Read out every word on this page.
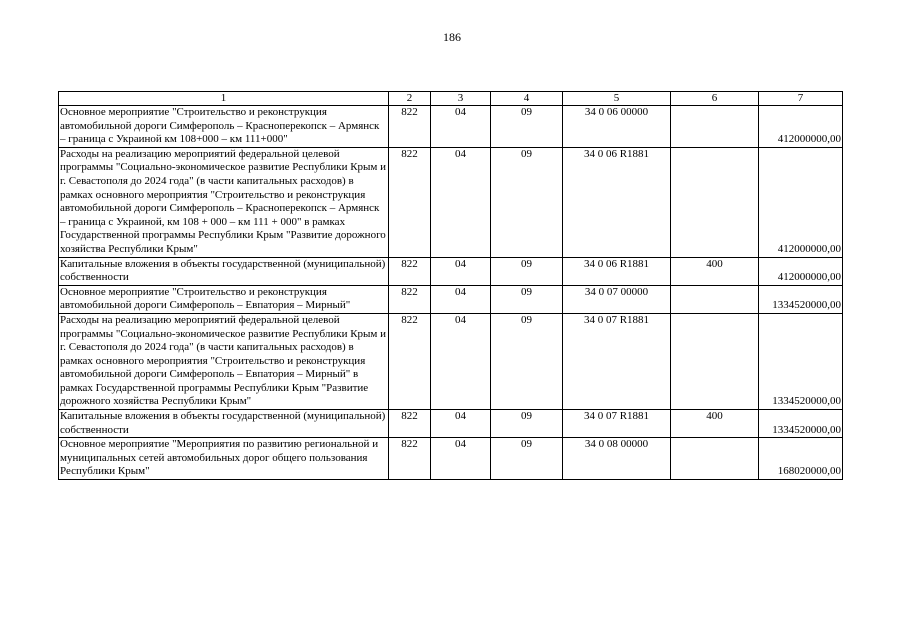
186
1	2	3	4	5	6	7
Основное мероприятие "Строительство и реконструкция автомобильной дороги Симферополь – Красноперекопск – Армянск – граница с Украиной км 108+000 – км 111+000"	822	04	09	34 0 06 00000		412000000,00
Расходы на реализацию мероприятий федеральной целевой программы "Социально-экономическое развитие Республики Крым и г. Севастополя до 2024 года" (в части капитальных расходов) в рамках основного мероприятия "Строительство и реконструкция автомобильной дороги Симферополь – Красноперекопск – Армянск – граница с Украиной, км 108 + 000 – км 111 + 000" в рамках Государственной программы Республики Крым "Развитие дорожного хозяйства Республики Крым"	822	04	09	34 0 06 R1881		412000000,00
Капитальные вложения в объекты государственной (муниципальной) собственности	822	04	09	34 0 06 R1881	400	412000000,00
Основное мероприятие "Строительство и реконструкция автомобильной дороги Симферополь – Евпатория – Мирный"	822	04	09	34 0 07 00000		1334520000,00
Расходы на реализацию мероприятий федеральной целевой программы "Социально-экономическое развитие Республики Крым и г. Севастополя до 2024 года" (в части капитальных расходов) в рамках основного мероприятия "Строительство и реконструкция автомобильной дороги Симферополь – Евпатория – Мирный" в рамках Государственной программы Республики Крым "Развитие дорожного хозяйства Республики Крым"	822	04	09	34 0 07 R1881		1334520000,00
Капитальные вложения в объекты государственной (муниципальной) собственности	822	04	09	34 0 07 R1881	400	1334520000,00
Основное мероприятие "Мероприятия по развитию региональной и муниципальных сетей автомобильных дорог общего пользования Республики Крым"	822	04	09	34 0 08 00000		168020000,00
